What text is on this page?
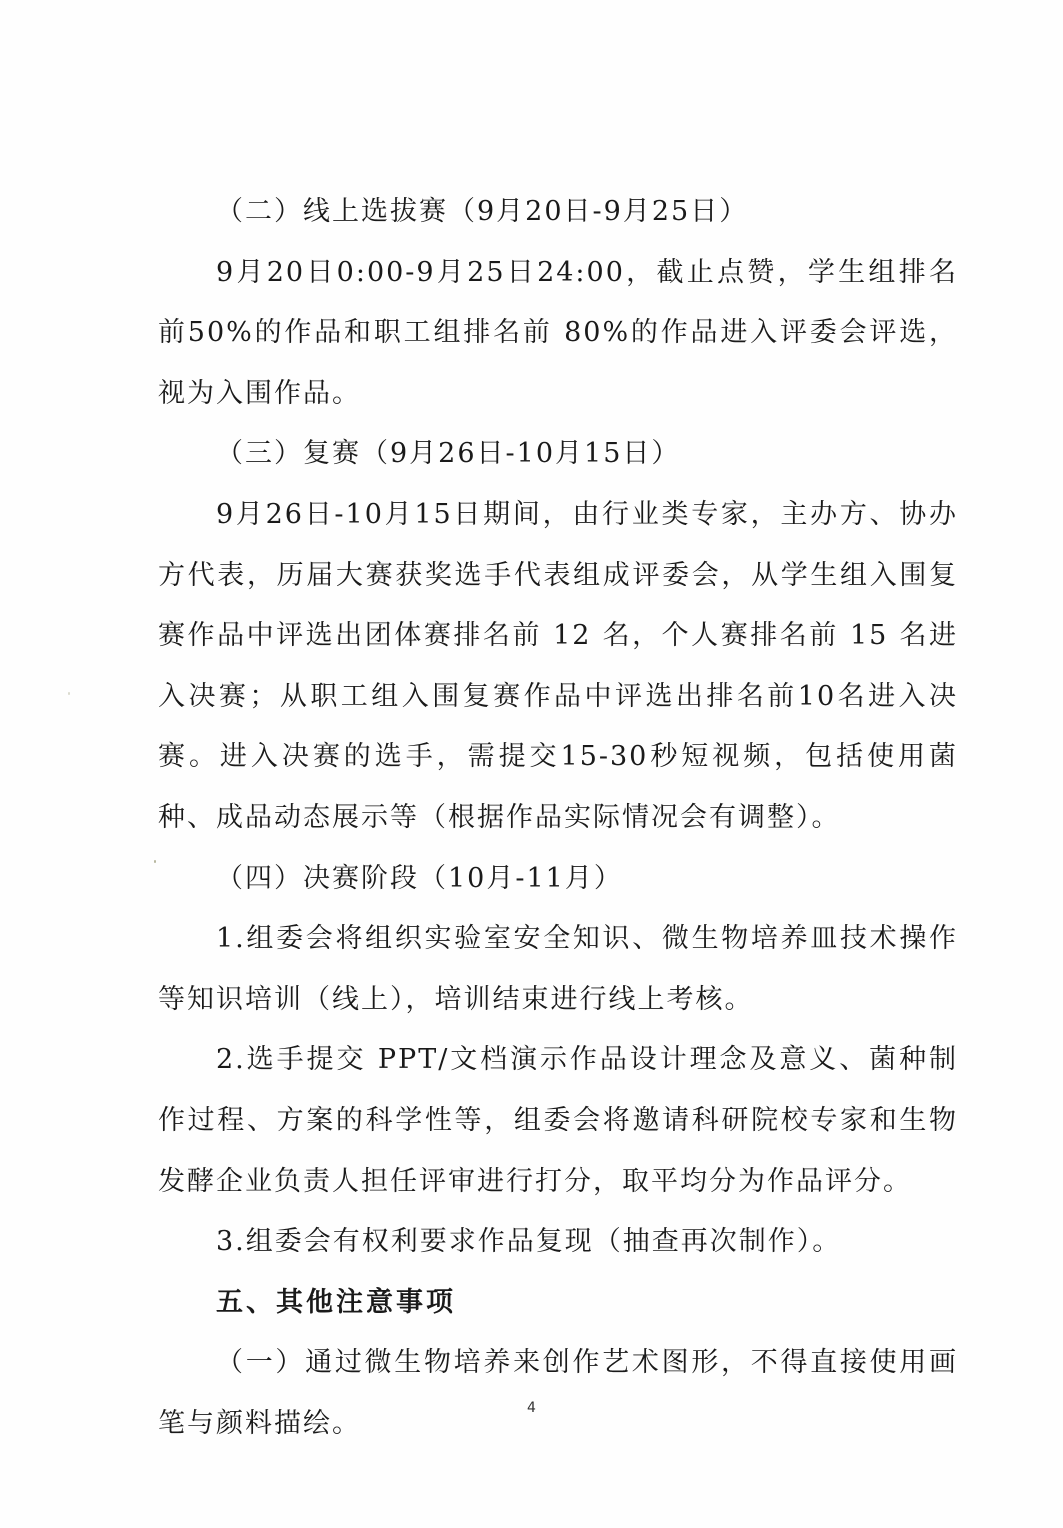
（二）线上选拔赛（9月20日-9月25日）

9月20日0:00-9月25日24:00，截止点赞，学生组排名前50%的作品和职工组排名前 80%的作品进入评委会评选，视为入围作品。

（三）复赛（9月26日-10月15日）

9月26日-10月15日期间，由行业类专家，主办方、协办方代表，历届大赛获奖选手代表组成评委会，从学生组入围复赛作品中评选出团体赛排名前 12 名，个人赛排名前 15 名进入决赛；从职工组入围复赛作品中评选出排名前10名进入决赛。进入决赛的选手，需提交15-30秒短视频，包括使用菌种、成品动态展示等（根据作品实际情况会有调整）。

（四）决赛阶段（10月-11月）

1.组委会将组织实验室安全知识、微生物培养皿技术操作等知识培训（线上），培训结束进行线上考核。

2.选手提交 PPT/文档演示作品设计理念及意义、菌种制作过程、方案的科学性等，组委会将邀请科研院校专家和生物发酵企业负责人担任评审进行打分，取平均分为作品评分。

3.组委会有权利要求作品复现（抽查再次制作）。

五、其他注意事项

（一）通过微生物培养来创作艺术图形，不得直接使用画笔与颜料描绘。	4
